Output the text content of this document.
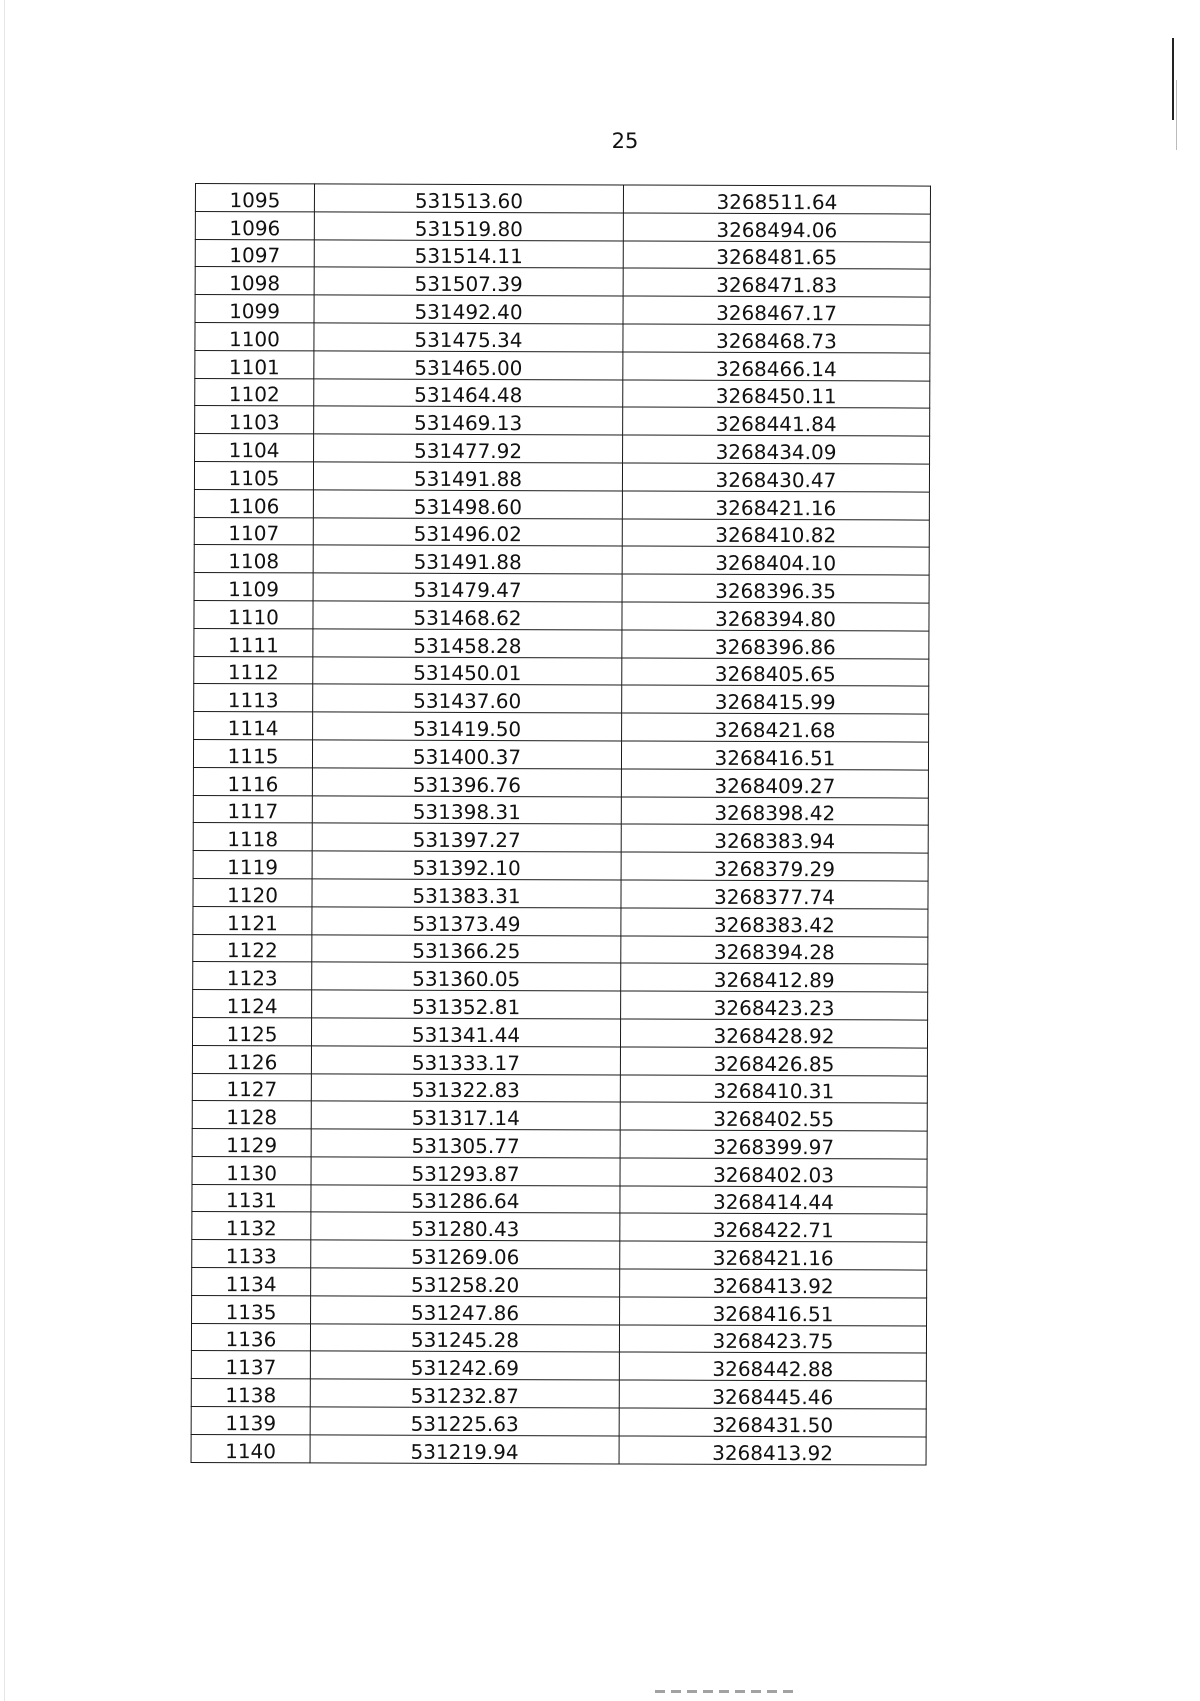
25
1095	531513.60	3268511.64
1096	531519.80	3268494.06
1097	531514.11	3268481.65
1098	531507.39	3268471.83
1099	531492.40	3268467.17
1100	531475.34	3268468.73
1101	531465.00	3268466.14
1102	531464.48	3268450.11
1103	531469.13	3268441.84
1104	531477.92	3268434.09
1105	531491.88	3268430.47
1106	531498.60	3268421.16
1107	531496.02	3268410.82
1108	531491.88	3268404.10
1109	531479.47	3268396.35
1110	531468.62	3268394.80
1111	531458.28	3268396.86
1112	531450.01	3268405.65
1113	531437.60	3268415.99
1114	531419.50	3268421.68
1115	531400.37	3268416.51
1116	531396.76	3268409.27
1117	531398.31	3268398.42
1118	531397.27	3268383.94
1119	531392.10	3268379.29
1120	531383.31	3268377.74
1121	531373.49	3268383.42
1122	531366.25	3268394.28
1123	531360.05	3268412.89
1124	531352.81	3268423.23
1125	531341.44	3268428.92
1126	531333.17	3268426.85
1127	531322.83	3268410.31
1128	531317.14	3268402.55
1129	531305.77	3268399.97
1130	531293.87	3268402.03
1131	531286.64	3268414.44
1132	531280.43	3268422.71
1133	531269.06	3268421.16
1134	531258.20	3268413.92
1135	531247.86	3268416.51
1136	531245.28	3268423.75
1137	531242.69	3268442.88
1138	531232.87	3268445.46
1139	531225.63	3268431.50
1140	531219.94	3268413.92
